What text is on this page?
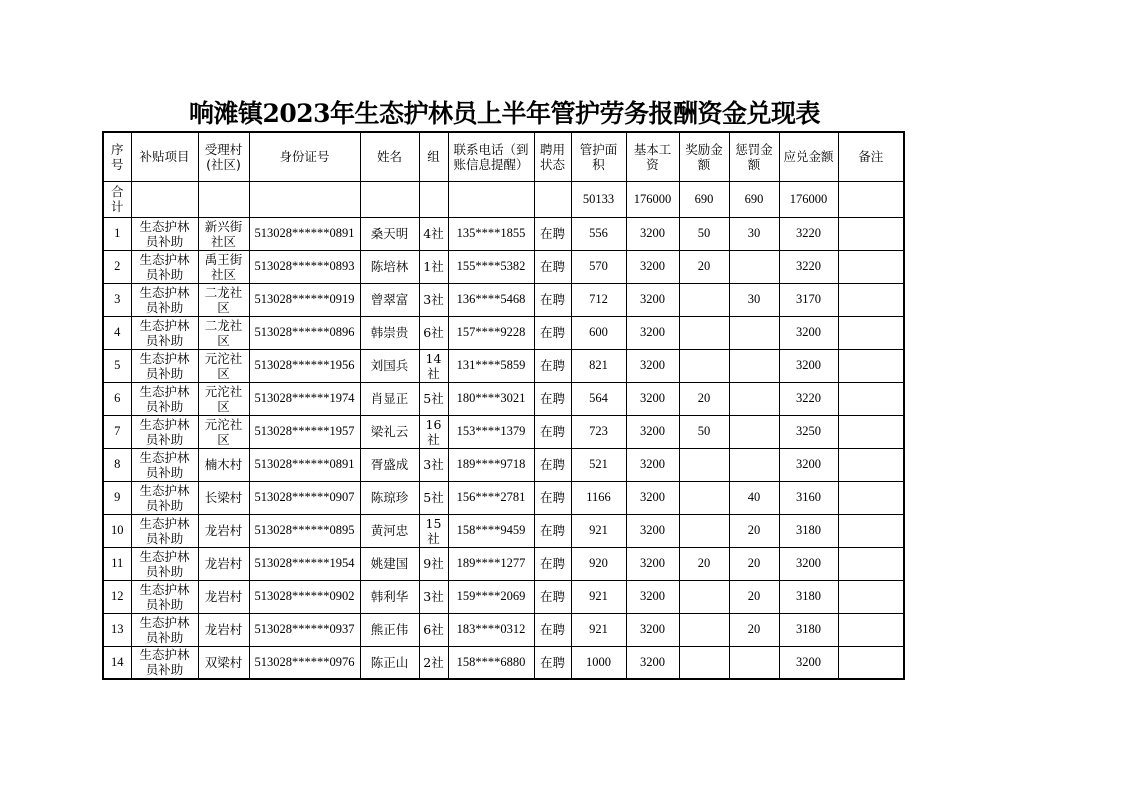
响滩镇2023年生态护林员上半年管护劳务报酬资金兑现表
序
号	补贴项目	受理村
(社区)	身份证号	姓名	组	联系电话（到
账信息提醒）	聘用
状态	管护面
积	基本工
资	奖励金
额	惩罚金
额	应兑金额	备注
合
计								50133	176000	690	690	176000	
1	生态护林
员补助	新兴街
社区	513028******0891	桑天明	4社	135****1855	在聘	556	3200	50	30	3220	
2	生态护林
员补助	禹王街
社区	513028******0893	陈培林	1社	155****5382	在聘	570	3200	20		3220	
3	生态护林
员补助	二龙社
区	513028******0919	曾翠富	3社	136****5468	在聘	712	3200		30	3170	
4	生态护林
员补助	二龙社
区	513028******0896	韩崇贵	6社	157****9228	在聘	600	3200			3200	
5	生态护林
员补助	元沱社
区	513028******1956	刘国兵	14
社	131****5859	在聘	821	3200			3200	
6	生态护林
员补助	元沱社
区	513028******1974	肖显正	5社	180****3021	在聘	564	3200	20		3220	
7	生态护林
员补助	元沱社
区	513028******1957	梁礼云	16
社	153****1379	在聘	723	3200	50		3250	
8	生态护林
员补助	楠木村	513028******0891	胥盛成	3社	189****9718	在聘	521	3200			3200	
9	生态护林
员补助	长梁村	513028******0907	陈琼珍	5社	156****2781	在聘	1166	3200		40	3160	
10	生态护林
员补助	龙岩村	513028******0895	黄河忠	15
社	158****9459	在聘	921	3200		20	3180	
11	生态护林
员补助	龙岩村	513028******1954	姚建国	9社	189****1277	在聘	920	3200	20	20	3200	
12	生态护林
员补助	龙岩村	513028******0902	韩利华	3社	159****2069	在聘	921	3200		20	3180	
13	生态护林
员补助	龙岩村	513028******0937	熊正伟	6社	183****0312	在聘	921	3200		20	3180	
14	生态护林
员补助	双梁村	513028******0976	陈正山	2社	158****6880	在聘	1000	3200			3200	
